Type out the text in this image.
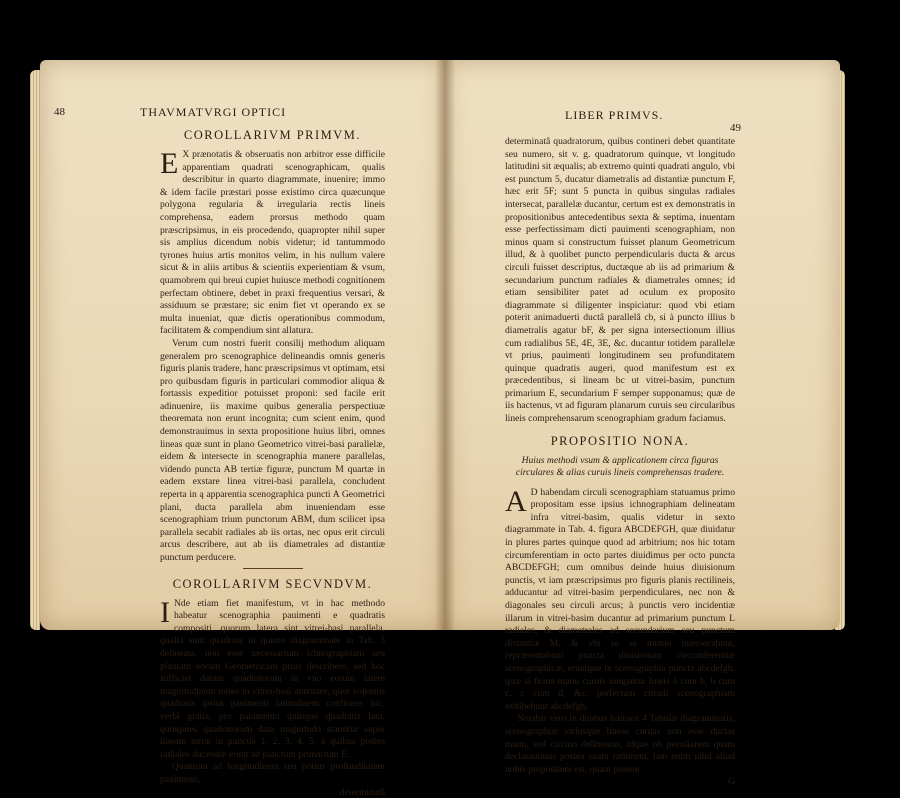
THAVMATVRGI OPTICI
48
COROLLARIVM PRIMVM.

E X prænotatis & obseruatis non arbitror esse difficile apparentiam quadrati scenographicam, qualis describitur in quarto diagrammate, inuenire; immo & idem facile præstari posse existimo circa quæcunque polygona regularia & irregularia rectis lineis comprehensa, eadem prorsus methodo quam præscripsimus, in eis procedendo, quapropter nihil super sis amplius dicendum nobis videtur; id tantummodo tyrones huius artis monitos velim, in his nullum valere sicut & in aliis artibus & scientiis experientiam & vsum, quamobrem qui breui cupiet huiusce methodi cognitionem perfectam obtinere, debet in praxi frequentius versari, & assiduum se præstare; sic enim fiet vt operando ex se multa inueniat, quæ dictis operationibus commodum, facilitatem & compendium sint allatura.

Verum cum nostri fuerit consilij methodum aliquam generalem pro scenographice delineandis omnis generis figuris planis tradere, hanc præscripsimus vt optimam, etsi pro quibusdam figuris in particulari commodior aliqua & fortassis expeditior potuisset proponi: sed facile erit adinuenire, iis maxime quibus generalia perspectiuæ theoremata non erunt incognita; cum scient enim, quod demonstrauimus in sexta propositione huius libri, omnes lineas quæ sunt in plano Geometrico vitrei-basi parallelæ, eidem & intersecte in scenographia manere parallelas, videndo puncta AB tertiæ figuræ, punctum M quartæ in eadem exstare linea vitrei-basi parallela, concludent reperta in ą apparentia scenographica puncti A Geometrici plani, ducta parallela abm inueniendam esse scenographiam trium punctorum ABM, dum scilicet ipsa parallela secabit radiales ab iis ortas, nec opus erit circuli arcus describere, aut ab iis diametrales ad distantiæ punctum perducere.

COROLLARIVM SECVNDVM.

I Nde etiam fiet manifestum, vt in hac methodo habeatur scenographia pauimenti e quadratis compositi, quorum latera sint vitrei-basi parallela, qualia sunt quadrata in quinto diagrammate in Tab. 3 delineata, non esse necessarium ichnographiam seu plantam eorum Geometricam prius describere, sed hoc sufficiet datum quadratorum in vno eorum latere magnitudinem toties in vitrei-basi annotare, quot volemus quadratis ipsius pauimenti latitudinem conficere; hic, verbi gratia, pro pauimento quinque quadratis lato, quinquies quadratorum data magnitudo statuitur super lineam terræ in punctis 1, 2, 3, 4, 5, à quibus postea radiales ducendæ erunt ad punctum primarium E.

Quantum ad longitudinem seu potius profunditatem pauimenti,

determinatâ
LIBER PRIMVS.
49

determinatâ quadratorum, quibus contineri debet quantitate seu numero, sit v. g. quadratorum quinque, vt longitudo latitudini sit æqualis; ab extremo quinti quadrati angulo, vbi est punctum 5, ducatur diametralis ad distantiæ punctum F, hæc erit 5F; sunt 5 puncta in quibus singulas radiales intersecat, parallelæ ducantur, certum est ex demonstratis in propositionibus antecedentibus sexta & septima, inuentam esse perfectissimam dicti pauimenti scenographiam, non minus quam si constructum fuisset planum Geometricum illud, & à quolibet puncto perpendicularis ducta & arcus circuli fuisset descriptus, ductæque ab iis ad primarium & secundarium punctum radiales & diametrales omnes; id etiam sensibiliter patet ad oculum ex proposito diagrammate si diligenter inspiciatur: quod vbi etiam poterit animaduerti ductâ parallelâ cb, si à puncto illius b diametralis agatur bF, & per signa intersectionum illius cum radialibus 5E, 4E, 3E, &c. ducantur totidem parallelæ vt prius, pauimenti longitudinem seu profunditatem quinque quadratis augeri, quod manifestum est ex præcedentibus, si lineam bc ut vitrei-basim, punctum primarium E, secundarium F semper supponamus; quæ de iis hactenus, vt ad figuram planarum curuis seu circularibus lineis comprehensarum scenographiam gradum faciamus.

PROPOSITIO NONA.
Huius methodi vsum & applicationem circa figuras circulares & alias curuis lineis comprehensas tradere.

A D habendam circuli scenographiam statuamus primo propositam esse ipsius ichnographiam delineatam infra vitrei-basim, qualis videtur in sexto diagrammate in Tab. 4. figura ABCDEFGH, quæ diuidatur in plures partes quinque quod ad arbitrium; nos hic totam circumferentiam in octo partes diuidimus per octo puncta ABCDEFGH; cum omnibus deinde huius diuisionum punctis, vt iam præscripsimus pro figuris planis rectilineis, adducantur ad vitrei-basim perpendiculares, nec non & diagonales seu circuli arcus; à punctis vero incidentiæ illarum in vitrei-basim ducantur ad primarium punctum L radiales, & diametrales ad secundarium seu punctum distantiæ M, & vbi se se mutuo intersecabunt, repræsentabunt puncta diuisionum circumferentiæ scenographicæ, eruntque in scenographia puncta abcdefgh, quæ si firma manu curuis iungantur lineis à cum b, b cum c, c cum d, &c. perfectam circuli scenographiam exhibebunt abcdefgh.

Notabis vero in duobus huiusce 4 Tabulæ diagrammatis, scenographiæ vtriusque lineas curuas non esse ductas manu, sed circino delineatas, idque ob peculiarem quam declarauimus postea suam rationem, iam enim nihil aliud nobis propositum est, quam ponere

G
